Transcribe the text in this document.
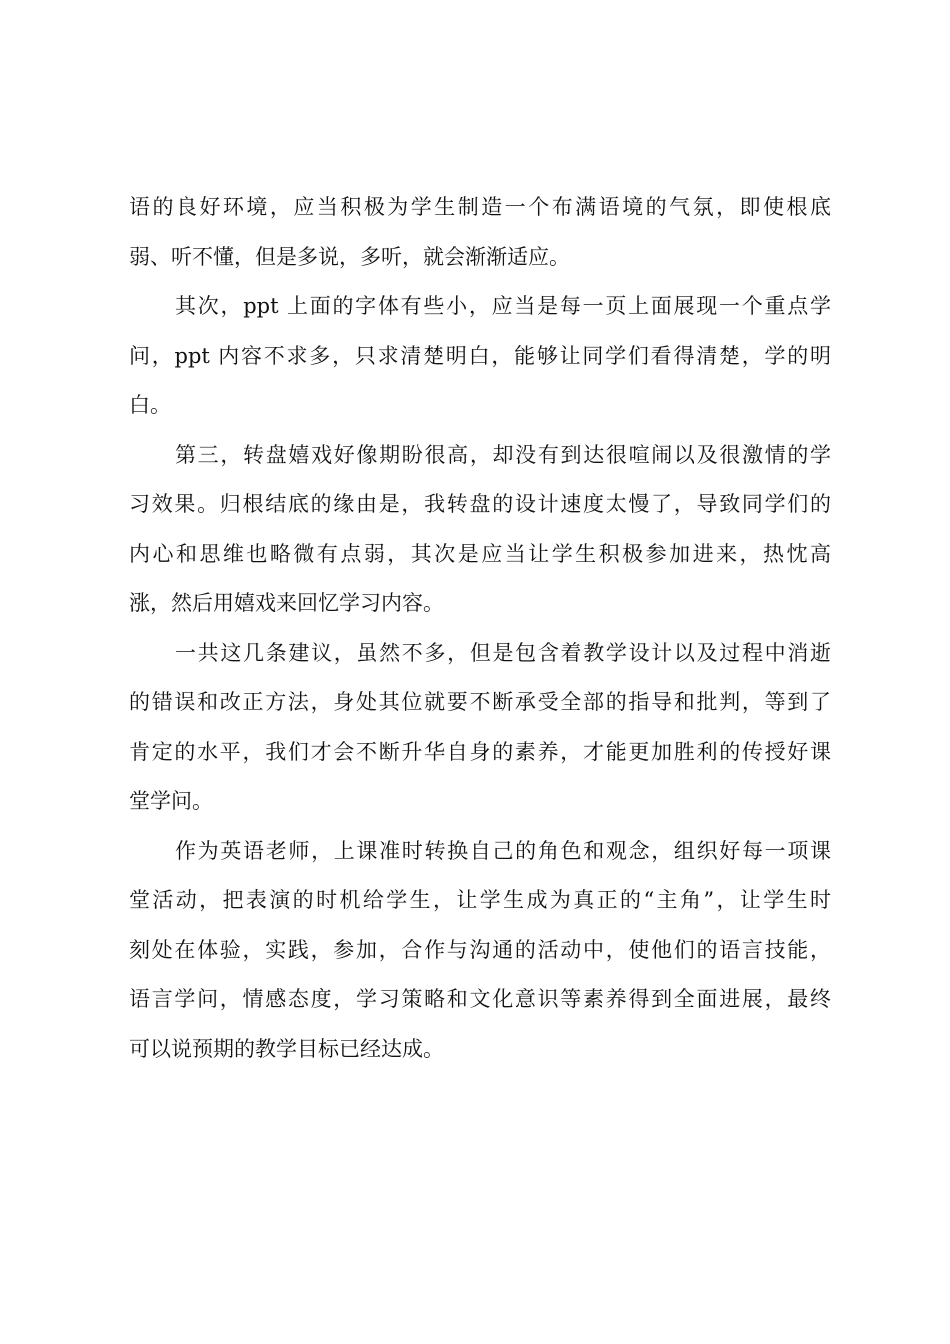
语的良好环境，应当积极为学生制造一个布满语境的气氛，即使根底
弱、听不懂，但是多说，多听，就会渐渐适应。
其次，ppt 上面的字体有些小，应当是每一页上面展现一个重点学
问，ppt 内容不求多，只求清楚明白，能够让同学们看得清楚，学的明
白。
第三，转盘嬉戏好像期盼很高，却没有到达很喧闹以及很激情的学
习效果。归根结底的缘由是，我转盘的设计速度太慢了，导致同学们的
内心和思维也略微有点弱，其次是应当让学生积极参加进来，热忱高
涨，然后用嬉戏来回忆学习内容。
一共这几条建议，虽然不多，但是包含着教学设计以及过程中消逝
的错误和改正方法，身处其位就要不断承受全部的指导和批判，等到了
肯定的水平，我们才会不断升华自身的素养，才能更加胜利的传授好课
堂学问。
作为英语老师，上课准时转换自己的角色和观念，组织好每一项课
堂活动，把表演的时机给学生，让学生成为真正的“主角”，让学生时
刻处在体验，实践，参加，合作与沟通的活动中，使他们的语言技能，
语言学问，情感态度，学习策略和文化意识等素养得到全面进展，最终
可以说预期的教学目标已经达成。
